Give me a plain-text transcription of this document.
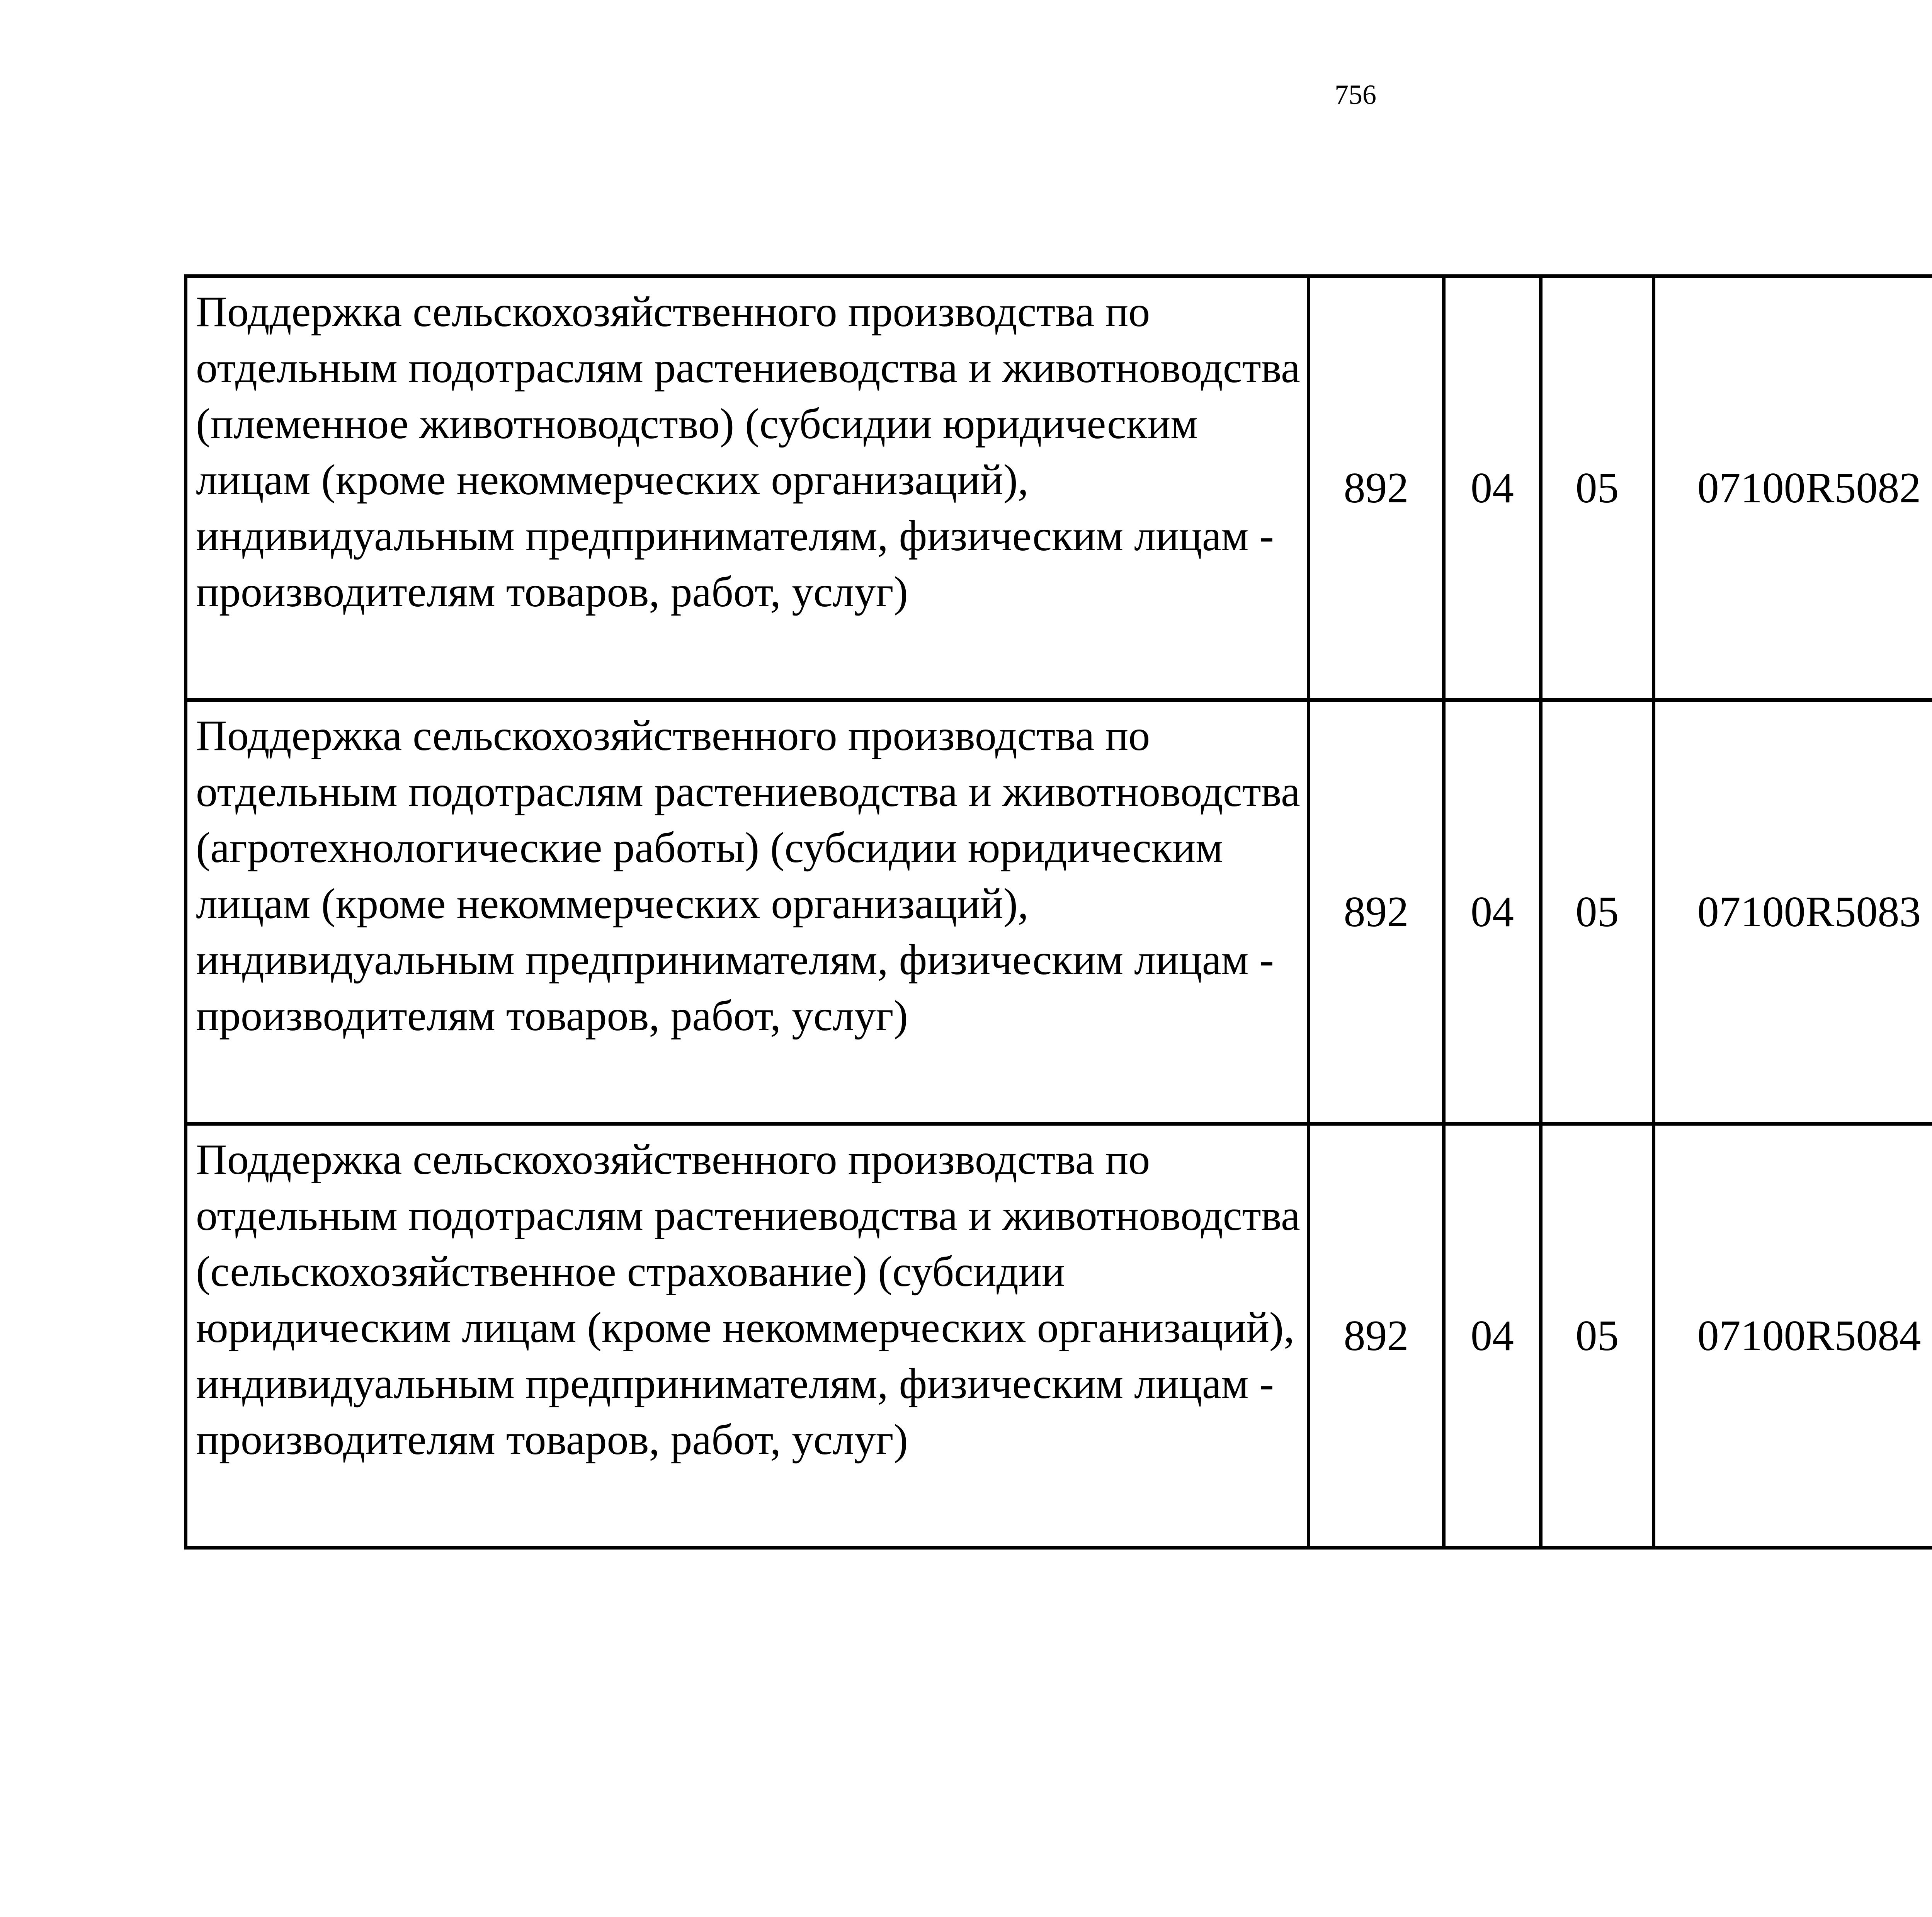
756
Поддержка сельскохозяйственного производства по отдельным подотраслям растениеводства и животноводства (племенное животноводство) (субсидии юридическим лицам (кроме некоммерческих организаций), индивидуальным предпринимателям, физическим лицам - производителям товаров, работ, услуг)	892	04	05	07100R5082		
Поддержка сельскохозяйственного производства по отдельным подотраслям растениеводства и животноводства (агротехнологические работы) (субсидии юридическим лицам (кроме некоммерческих организаций), индивидуальным предпринимателям, физическим лицам - производителям товаров, работ, услуг)	892	04	05	07100R5083		
Поддержка сельскохозяйственного производства по отдельным подотраслям растениеводства и животноводства (сельскохозяйственное страхование) (субсидии юридическим лицам (кроме некоммерческих организаций), индивидуальным предпринимателям, физическим лицам - производителям товаров, работ, услуг)	892	04	05	07100R5084		
